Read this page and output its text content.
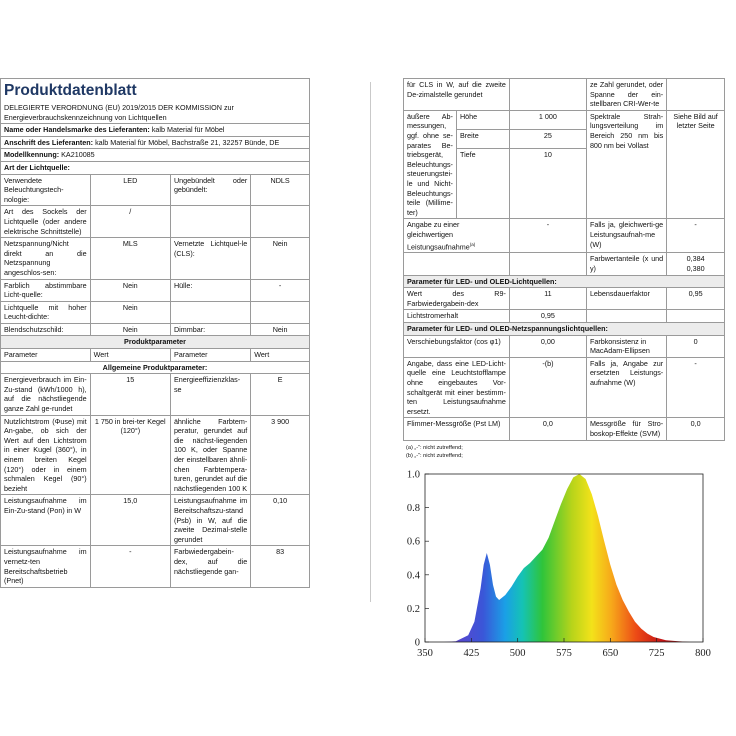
Produktdatenblatt
DELEGIERTE VERORDNUNG (EU) 2019/2015 DER KOMMISSION zur Energieverbrauchskennzeichnung von Lichtquellen			

Name oder Handelsmarke des Lieferanten: kalb Material für Möbel			
Anschrift des Lieferanten: kalb Material für Möbel, Bachstraße 21, 32257 Bünde, DE			
Modellkennung: KA210085			
Art der Lichtquelle:			
Verwendete Beleuchtungstech-nologie:	LED	Ungebündelt oder gebündelt:	NDLS
Art des Sockels der Lichtquelle (oder andere elektrische Schnittstelle)	/		
Netzspannung/Nicht direkt an die Netzspannung angeschlos-sen:	MLS	Vernetzte Lichtquel-le (CLS):	Nein
Farblich abstimmbare Licht-quelle:	Nein	Hülle:	-
Lichtquelle mit hoher Leucht-dichte:	Nein		
Blendschutzschild:	Nein	Dimmbar:	Nein
Produktparameter			
Parameter	Wert	Parameter	Wert
Allgemeine Produktparameter:			
Energieverbrauch im Ein-Zu-stand (kWh/1000 h), auf die nächstliegende ganze Zahl ge-rundet	15	Energieeffizienzklas-se	E
Nutzlichtstrom (Φuse) mit An-gabe, ob sich der Wert auf den Lichtstrom in einer Kugel (360°), in einem breiten Kegel (120°) oder in einem schmalen Kegel (90°) bezieht	1 750 in brei-ter Kegel (120°)	ähnliche Farbtem-peratur, gerundet auf die nächst-liegenden 100 K, oder Spanne der einstellbaren ähnli-chen Farbtempera-turen, gerundet auf die nächstliegenden 100 K	3 900
Leistungsaufnahme im Ein-Zu-stand (Pon) in W	15,0	Leistungsaufnahme im Bereitschaftszu-stand (Psb) in W, auf die zweite Dezimal-stelle gerundet	0,10
Leistungsaufnahme im vernetz-ten Bereitschaftsbetrieb (Pnet)	-	Farbwiedergabein-dex, auf die nächstliegende gan-	83
für CLS in W, auf die zweite De-zimalstelle gerundet			ze Zahl gerundet, oder Spanne der ein-stellbaren CRI-Wer-te	
äußere Ab-messungen, ggf. ohne se-parates Be-triebsgerät, Beleuchtungs-steuerungstei-le und Nicht-Beleuchtungs-teile (Millime-ter)	Höhe	1 000	Spektrale Strah-lungsverteilung im Bereich 250 nm bis 800 nm bei Vollast	Siehe Bild auf letzter Seite
	Breite	25		
	Tiefe	10		
Angabe zu einer gleichwertigen Leistungsaufnahme$^{(a)}$		-	Falls ja, gleichwerti-ge Leistungsaufnah-me (W)	-
			Farbwertanteile (x und y)	0,384
0,380
Parameter für LED- und OLED-Lichtquellen:				
Wert des R9-Farbwiedergabein-dex		11	Lebensdauerfaktor	0,95
Lichtstromerhalt		0,95		
Parameter für LED- und OLED-Netzspannungslichtquellen:				
Verschiebungsfaktor (cos φ1)		0,00	Farbkonsistenz in MacAdam-Ellipsen	0
Angabe, dass eine LED-Licht-quelle eine Leuchtstofflampe ohne eingebautes Vor-schaltgerät mit einer bestimm-ten Leistungsaufnahme ersetzt.		-(b)	Falls ja, Angabe zur ersetzten Leistungs-aufnahme (W)	-
Flimmer-Messgröße (Pst LM)		0,0	Messgröße für Stro-boskop-Effekte (SVM)	0,0
(a) „-“: nicht zutreffend;
(b) „-“: nicht zutreffend;
350	425	500	575	650	725	800
0
0.2
0.4
0.6
0.8
1.0
